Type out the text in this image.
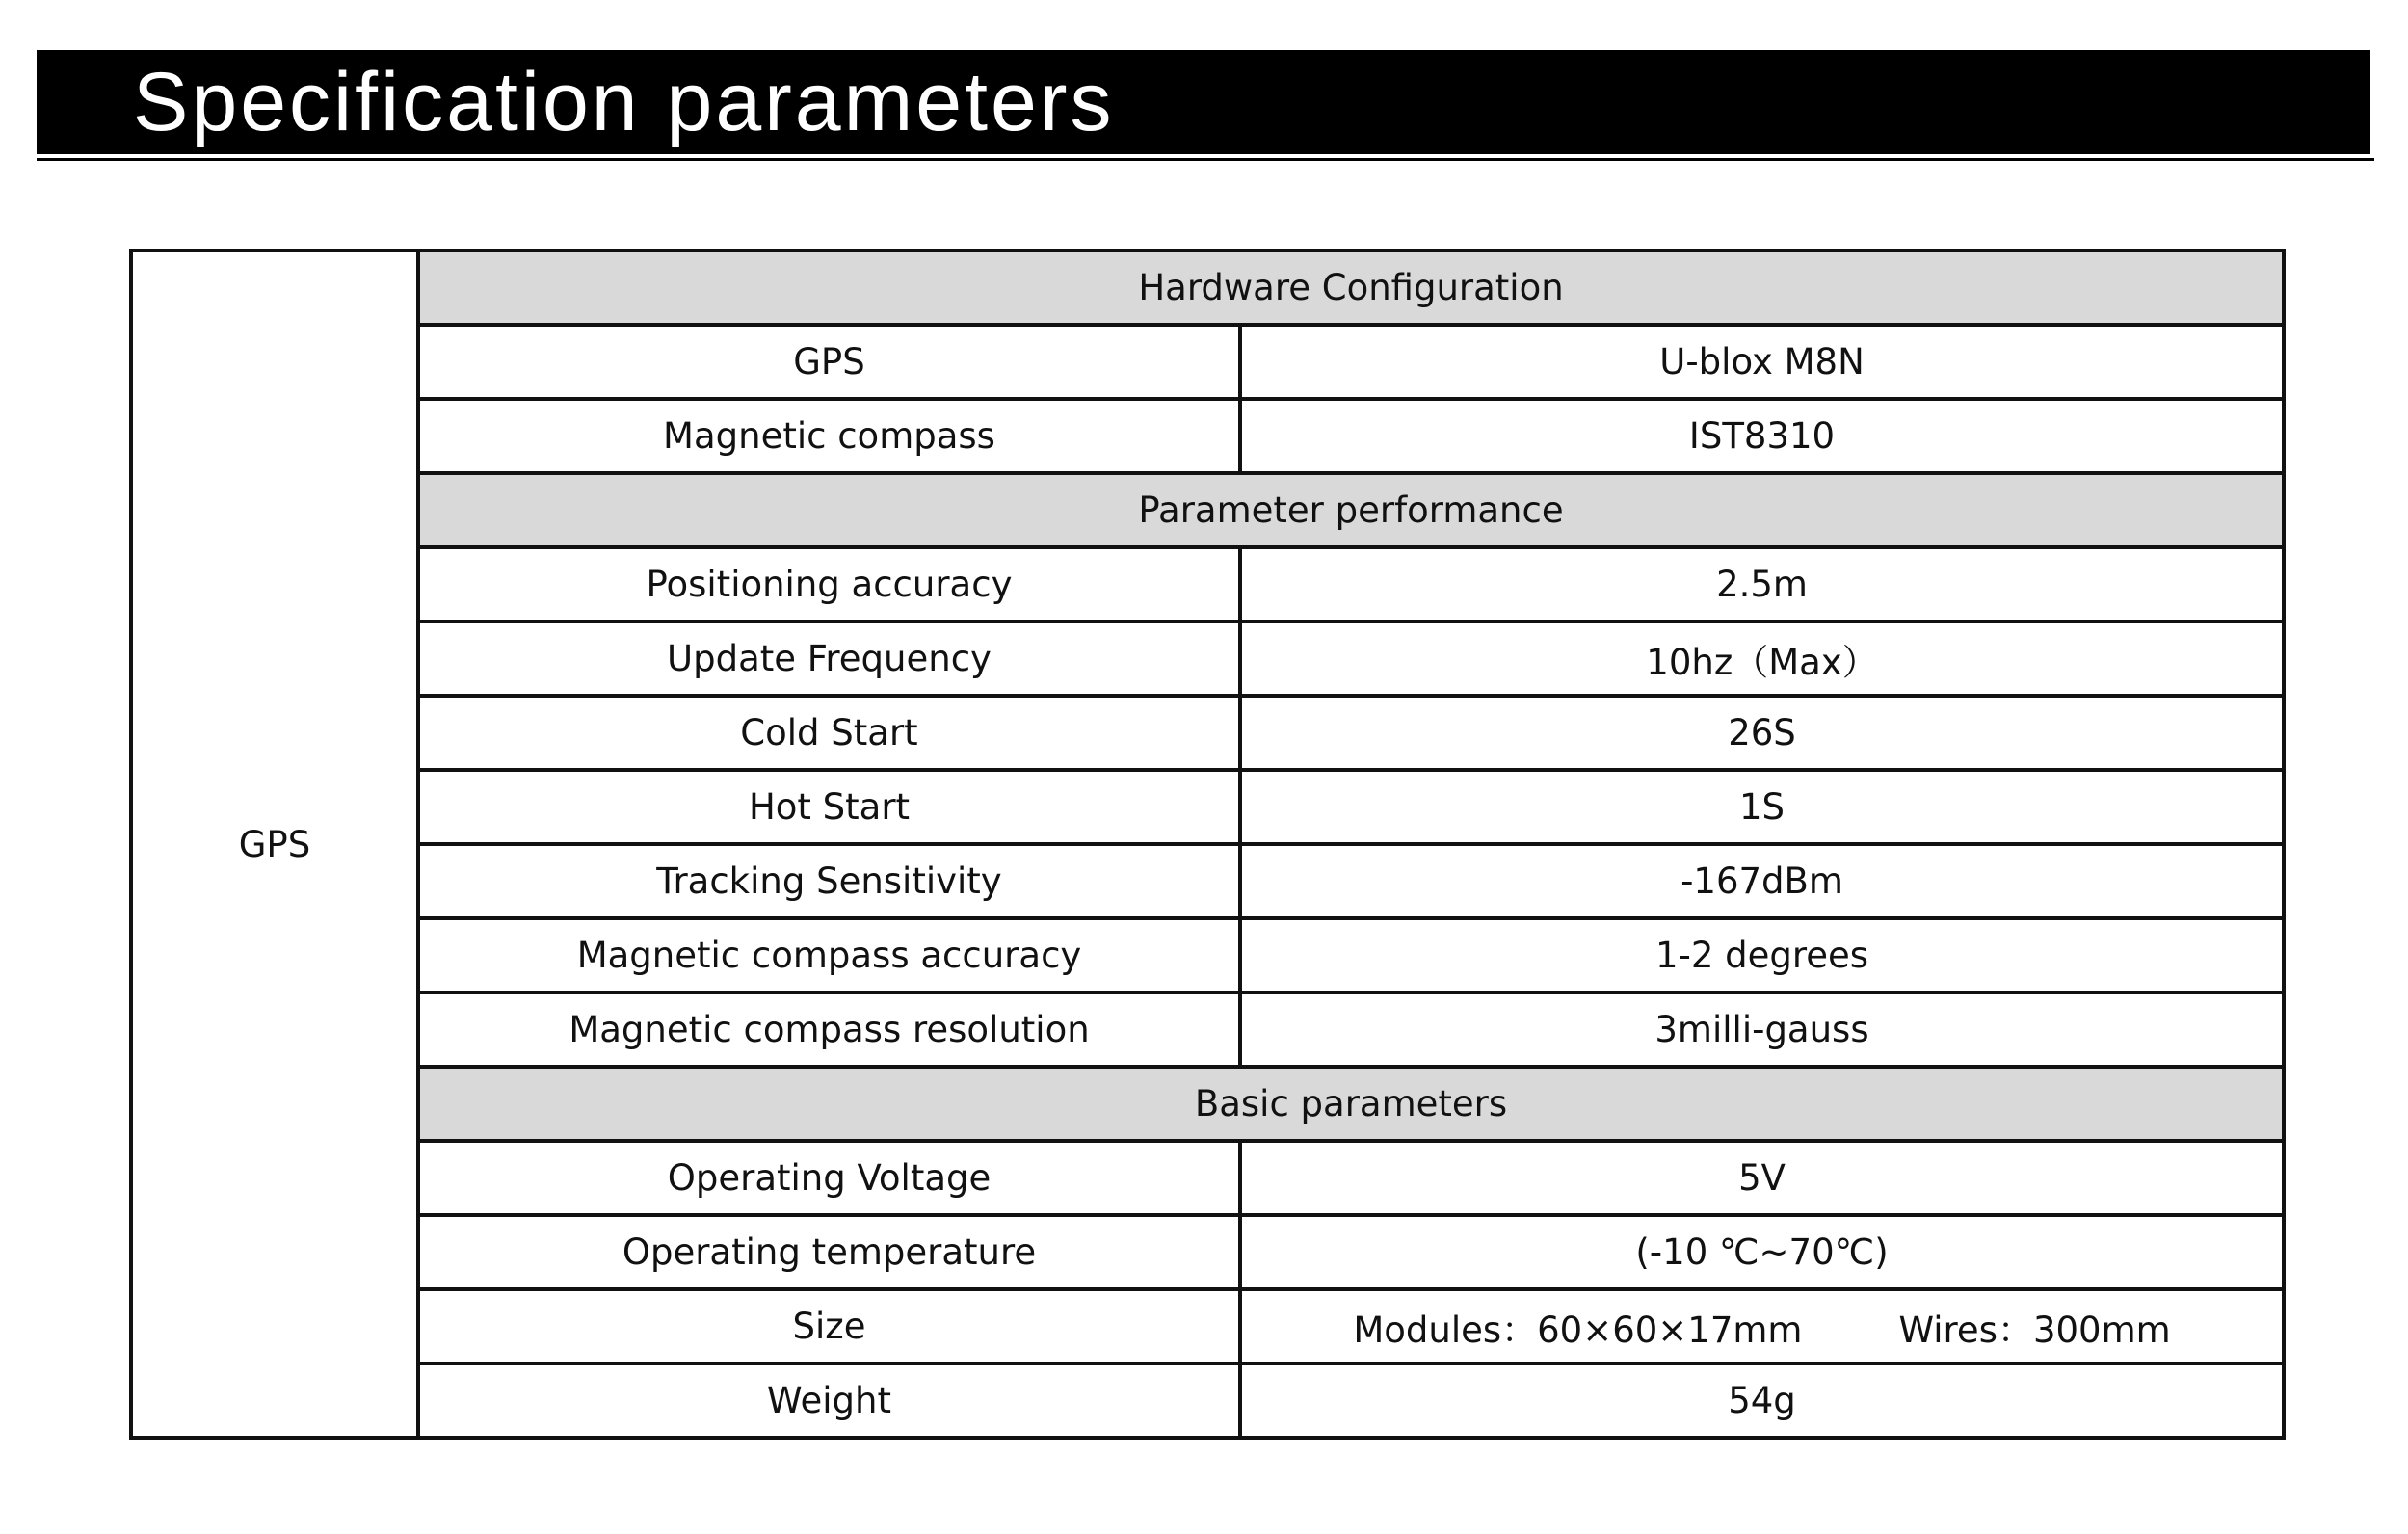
Specification parameters
GPS	Hardware Configuration	
	GPS	U-blox M8N
	Magnetic compass	IST8310
	Parameter performance	
	Positioning accuracy	2.5m
	Update Frequency	10hz（Max）
	Cold Start	26S
	Hot Start	1S
	Tracking Sensitivity	-167dBm
	Magnetic compass accuracy	1-2 degrees
	Magnetic compass resolution	3milli-gauss
	Basic parameters	
	Operating Voltage	5V
	Operating temperature	(-10 ℃~70℃)
	Size	Modules：60×60×17mm Wires：300mm
	Weight	54g
